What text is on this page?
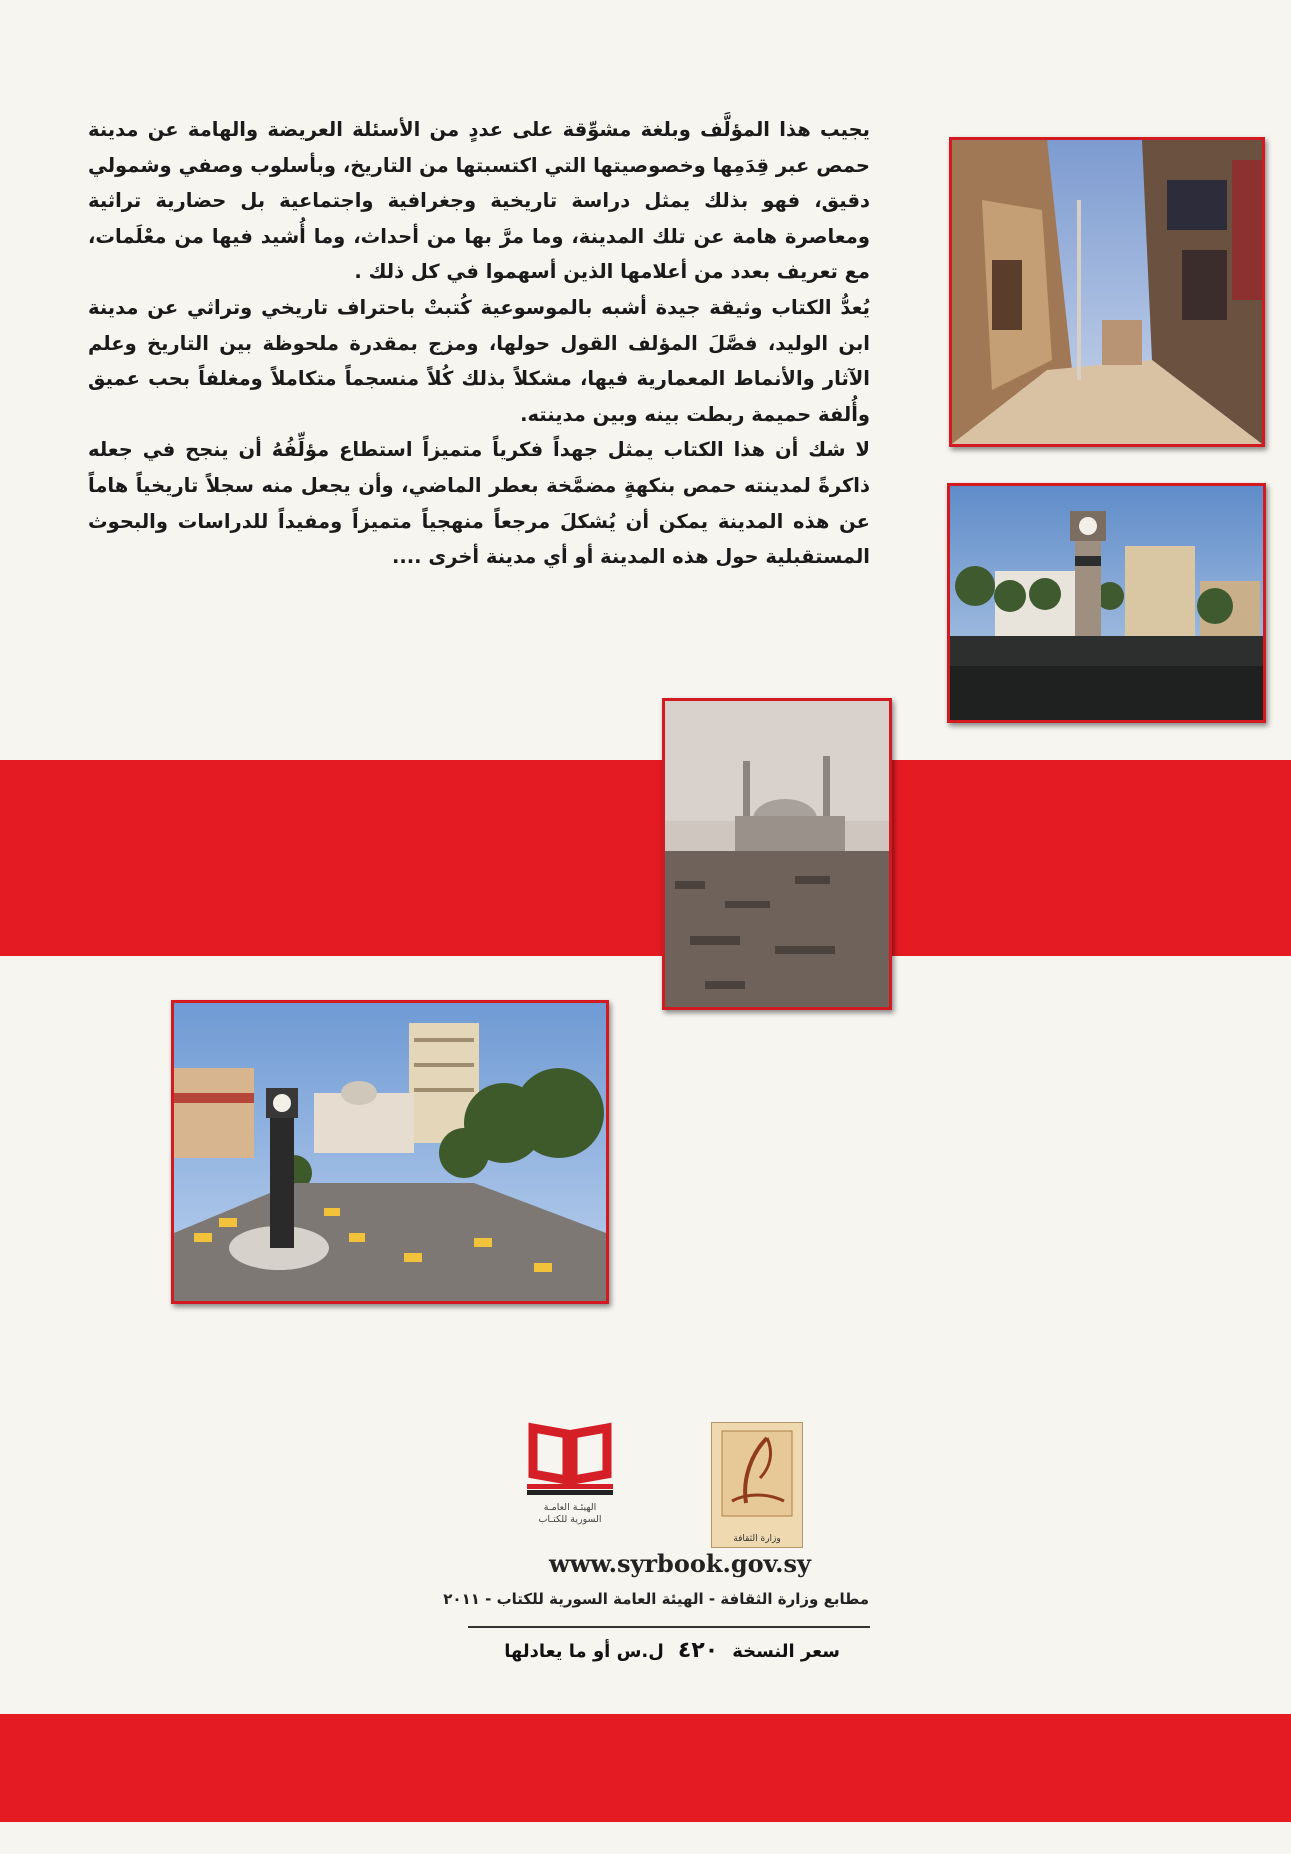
يجيب هذا المؤلَّف وبلغة مشوِّقة على عددٍ من الأسئلة العريضة والهامة عن مدينة حمص عبر قِدَمِها وخصوصيتها التي اكتسبتها من التاريخ، وبأسلوب وصفي وشمولي دقيق، فهو بذلك يمثل دراسة تاريخية وجغرافية واجتماعية بل حضارية تراثية ومعاصرة هامة عن تلك المدينة، وما مرَّ بها من أحداث، وما أُشيد فيها من معْلَمات، مع تعريف بعدد من أعلامها الذين أسهموا في كل ذلك .

يُعدُّ الكتاب وثيقة جيدة أشبه بالموسوعية كُتبتْ باحتراف تاريخي وتراثي عن مدينة ابن الوليد، فصَّلَ المؤلف القول حولها، ومزج بمقدرة ملحوظة بين التاريخ وعلم الآثار والأنماط المعمارية فيها، مشكلاً بذلك كُلاً منسجماً متكاملاً ومغلفاً بحب عميق وأُلفة حميمة ربطت بينه وبين مدينته.

لا شك أن هذا الكتاب يمثل جهداً فكرياً متميزاً استطاع مؤلِّفُهُ أن ينجح في جعله ذاكرةً لمدينته حمص بنكهةٍ مضمَّخة بعطر الماضي، وأن يجعل منه سجلاً تاريخياً هاماً عن هذه المدينة يمكن أن يُشكلَ مرجعاً منهجياً متميزاً ومفيداً للدراسات والبحوث المستقبلية حول هذه المدينة أو أي مدينة أخرى ....

الهيئـة العامـة
السورية للكتـاب
وزارة الثقافة
www.syrbook.gov.sy
مطابع وزارة الثقافة - الهيئة العامة السورية للكتاب - ٢٠١١
سعر النسخة٤٢٠ل.س أو ما يعادلها
